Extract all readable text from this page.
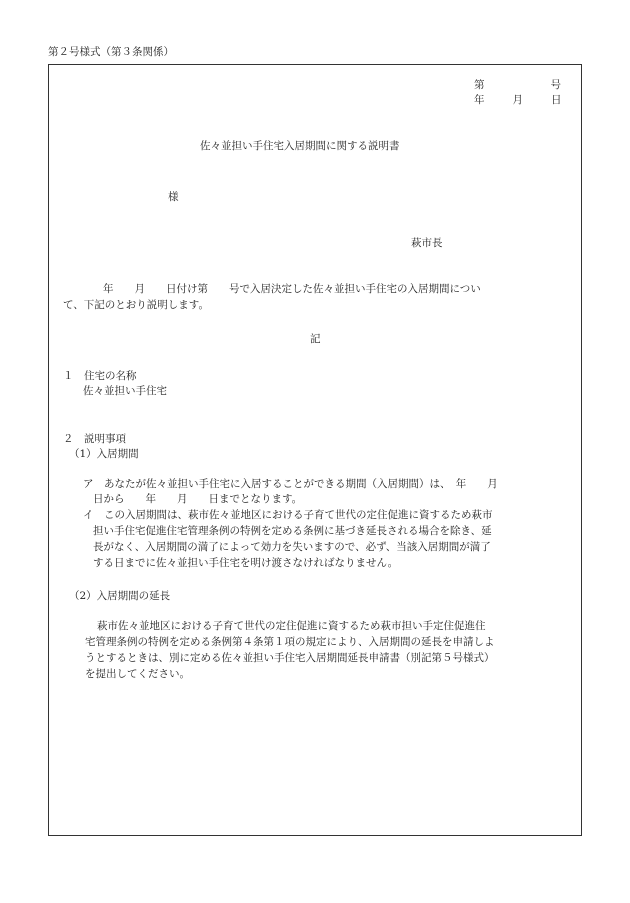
第２号様式（第３条関係）
第	号
年	月	日
佐々並担い手住宅入居期間に関する説明書
様
萩市長
年　　月　　日付け第　　号で入居決定した佐々並担い手住宅の入居期間につい
て、下記のとおり説明します。
記
１　住宅の名称
佐々並担い手住宅
２　説明事項
（1）入居期間
ア　あなたが佐々並担い手住宅に入居することができる期間（入居期間）は、　年　　月
日から　　年　　月　　日までとなります。
イ　この入居期間は、萩市佐々並地区における子育て世代の定住促進に資するため萩市
担い手住宅促進住宅管理条例の特例を定める条例に基づき延長される場合を除き、延
長がなく、入居期間の満了によって効力を失いますので、必ず、当該入居期間が満了
する日までに佐々並担い手住宅を明け渡さなければなりません。
（2）入居期間の延長
萩市佐々並地区における子育て世代の定住促進に資するため萩市担い手定住促進住
宅管理条例の特例を定める条例第４条第１項の規定により、入居期間の延長を申請しよ
うとするときは、別に定める佐々並担い手住宅入居期間延長申請書（別記第５号様式）
を提出してください。
